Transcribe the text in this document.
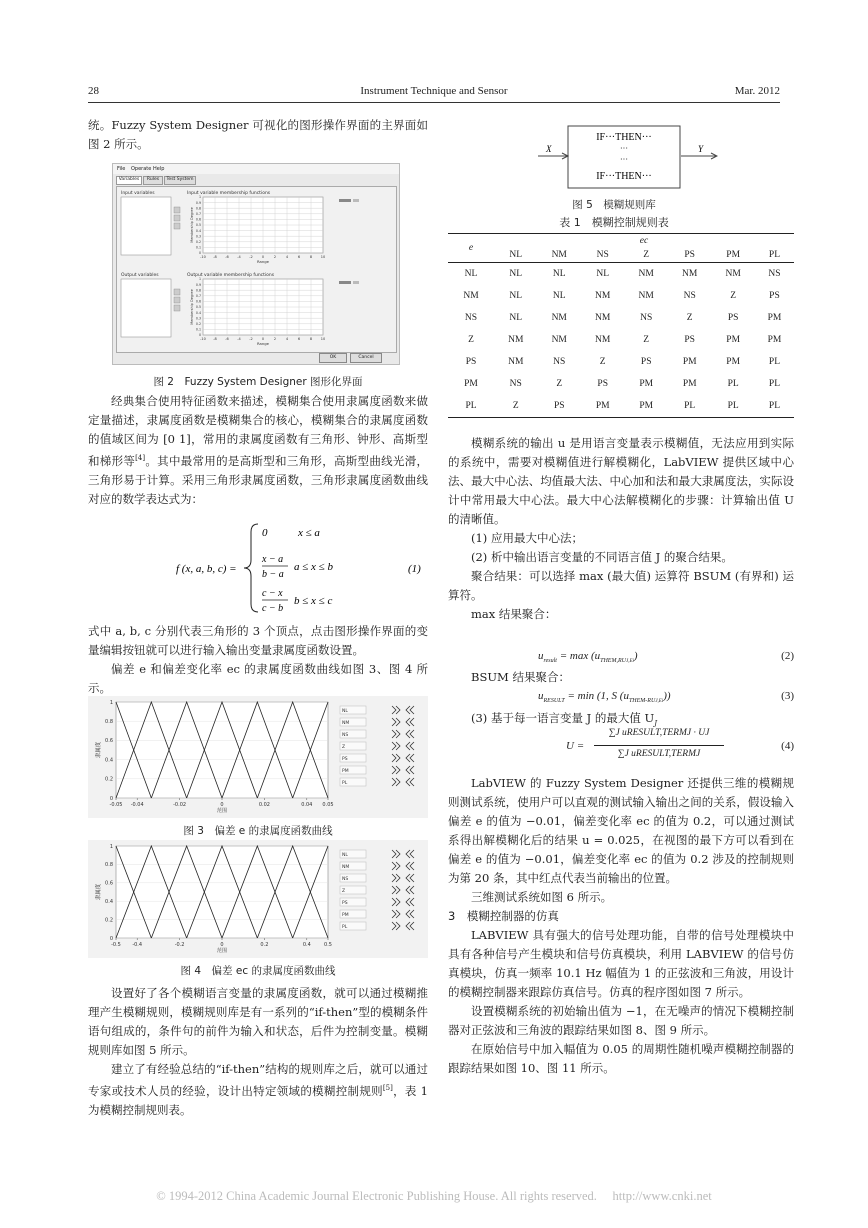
28	Instrument Technique and Sensor	Mar. 2012

统。Fuzzy System Designer 可视化的图形操作界面的主界面如图 2 所示。

File Operate Help
Variables	Rules	Test System
Input variables	Input variable membership functions
-10 -8 -6 -4 -2	0	2	4	6	8 10
1
0.9
0.8
0.7
0.6
0.5
0.4
0.3
0.2
0.1
0
Range
Membership Degree
Output variables	Output variable membership functions
-10 -8 -6 -4 -2	0	2	4	6	8 10
1
0.9
0.8
0.7
0.6
0.5
0.4
0.3
0.2
0.1
0
Range
Membership Degree
OK	Cancel
图 2　Fuzzy System Designer 图形化界面

经典集合使用特征函数来描述，模糊集合使用隶属度函数来做定量描述，隶属度函数是模糊集合的核心，模糊集合的隶属度函数的值域区间为 [0 1]，常用的隶属度函数有三角形、钟形、高斯型和梯形等[4]。其中最常用的是高斯型和三角形，高斯型曲线光滑，三角形易于计算。采用三角形隶属度函数，三角形隶属度函数曲线对应的数学表达式为：

f (x, a, b, c) =
0	x ≤ a
x − a
b − a
a ≤ x ≤ b
c − x
c − b
b ≤ x ≤ c
(1)

式中 a, b, c 分别代表三角形的 3 个顶点，点击图形操作界面的变量编辑按钮就可以进行输入输出变量隶属度函数设置。

偏差 e 和偏差变化率 ec 的隶属度函数曲线如图 3、图 4 所示。

-0.05 -0.04	-0.02	0	0.02	0.04 0.05
1
0.8
0.6
0.4
0.2
0
范围
隶属度
NL
NM
NS
Z
PS
PM
PL
图 3　偏差 e 的隶属度函数曲线
-0.5 -0.4	-0.2	0	0.2	0.4	0.5
1
0.8
0.6
0.4
0.2
0
范围
隶属度
NL
NM
NS
Z
PS
PM
PL
图 4　偏差 ec 的隶属度函数曲线

设置好了各个模糊语言变量的隶属度函数，就可以通过模糊推理产生模糊规则，模糊规则库是有一系列的“if-then”型的模糊条件语句组成的，条件句的前件为输入和状态，后件为控制变量。模糊规则库如图 5 所示。

建立了有经验总结的“if-then”结构的规则库之后，就可以通过专家或技术人员的经验，设计出特定领域的模糊控制规则[5]，表 1 为模糊控制规则表。

IF···THEN···
···
···
IF···THEN···
X	Y
图 5　模糊规则库
表 1　模糊控制规则表
e	ec						
	NL	NM	NS	Z	PS	PM	PL
NL	NL	NL	NL	NM	NM	NM	NS
NM	NL	NL	NM	NM	NS	Z	PS
NS	NL	NM	NM	NS	Z	PS	PM
Z	NM	NM	NM	Z	PS	PM	PM
PS	NM	NS	Z	PS	PM	PM	PL
PM	NS	Z	PS	PM	PM	PL	PL
PL	Z	PS	PM	PM	PL	PL	PL

模糊系统的输出 u 是用语言变量表示模糊值，无法应用到实际的系统中，需要对模糊值进行解模糊化，LabVIEW 提供区域中心法、最大中心法、均值最大法、中心加和法和最大隶属度法，实际设计中常用最大中心法。最大中心法解模糊化的步骤：计算输出值 U 的清晰值。

(1) 应用最大中心法；

(2) 析中输出语言变量的不同语言值 J 的聚合结果。

聚合结果：可以选择 max (最大值) 运算符 BSUM (有界和) 运算符。

max 结果聚合：

$u_{result} = \max (u_{THEM,RUJ,Ei})$	(2)

BSUM 结果聚合：

$u_{RESULT} = \min (1$, S $(u_{THEM-RUJ,Ei})$)	(3)

(3) 基于每一语言变量 J 的最大值 $U_J$

U =
∑J uRESULT,TERMJ · UJ
∑J uRESULT,TERMJ
(4)

LabVIEW 的 Fuzzy System Designer 还提供三维的模糊规则测试系统，使用户可以直观的测试输入输出之间的关系，假设输入偏差 e 的值为 −0.01，偏差变化率 ec 的值为 0.2，可以通过测试系得出解模糊化后的结果 u = 0.025，在视图的最下方可以看到在偏差 e 的值为 −0.01，偏差变化率 ec 的值为 0.2 涉及的控制规则为第 20 条，其中红点代表当前输出的位置。

三维测试系统如图 6 所示。

3　模糊控制器的仿真

LABVIEW 具有强大的信号处理功能，自带的信号处理模块中具有各种信号产生模块和信号仿真模块，利用 LABVIEW 的信号仿真模块，仿真一频率 10.1 Hz 幅值为 1 的正弦波和三角波，用设计的模糊控制器来跟踪仿真信号。仿真的程序图如图 7 所示。

设置模糊系统的初始输出值为 −1，在无噪声的情况下模糊控制器对正弦波和三角波的跟踪结果如图 8、图 9 所示。

在原始信号中加入幅值为 0.05 的周期性随机噪声模糊控制器的跟踪结果如图 10、图 11 所示。

© 1994-2012 China Academic Journal Electronic Publishing House. All rights reserved.　 http://www.cnki.net
